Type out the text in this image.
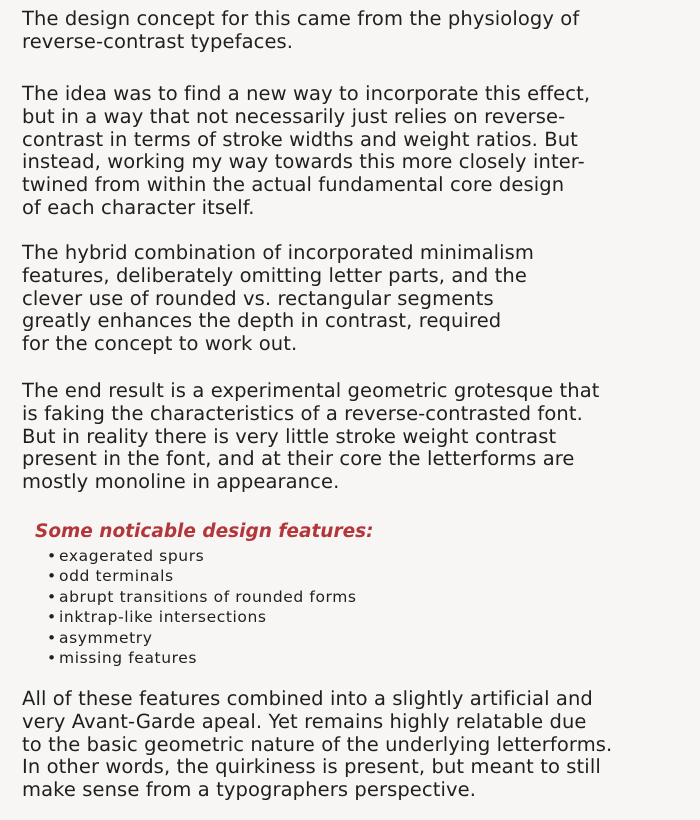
The design concept for this came from the physiology of
reverse-contrast typefaces.

The idea was to find a new way to incorporate this effect,
but in a way that not necessarily just relies on reverse-
contrast in terms of stroke widths and weight ratios. But
instead, working my way towards this more closely inter-
twined from within the actual fundamental core design
of each character itself.

The hybrid combination of incorporated minimalism
features, deliberately omitting letter parts, and the
clever use of rounded vs. rectangular segments
greatly enhances the depth in contrast, required
for the concept to work out.

The end result is a experimental geometric grotesque that
is faking the characteristics of a reverse-contrasted font.
But in reality there is very little stroke weight contrast
present in the font, and at their core the letterforms are
mostly monoline in appearance.

Some noticable design features:
• exagerated spurs
• odd terminals
• abrupt transitions of rounded forms
• inktrap-like intersections
• asymmetry
• missing features

All of these features combined into a slightly artificial and
very Avant-Garde apeal. Yet remains highly relatable due
to the basic geometric nature of the underlying letterforms.
In other words, the quirkiness is present, but meant to still
make sense from a typographers perspective.
